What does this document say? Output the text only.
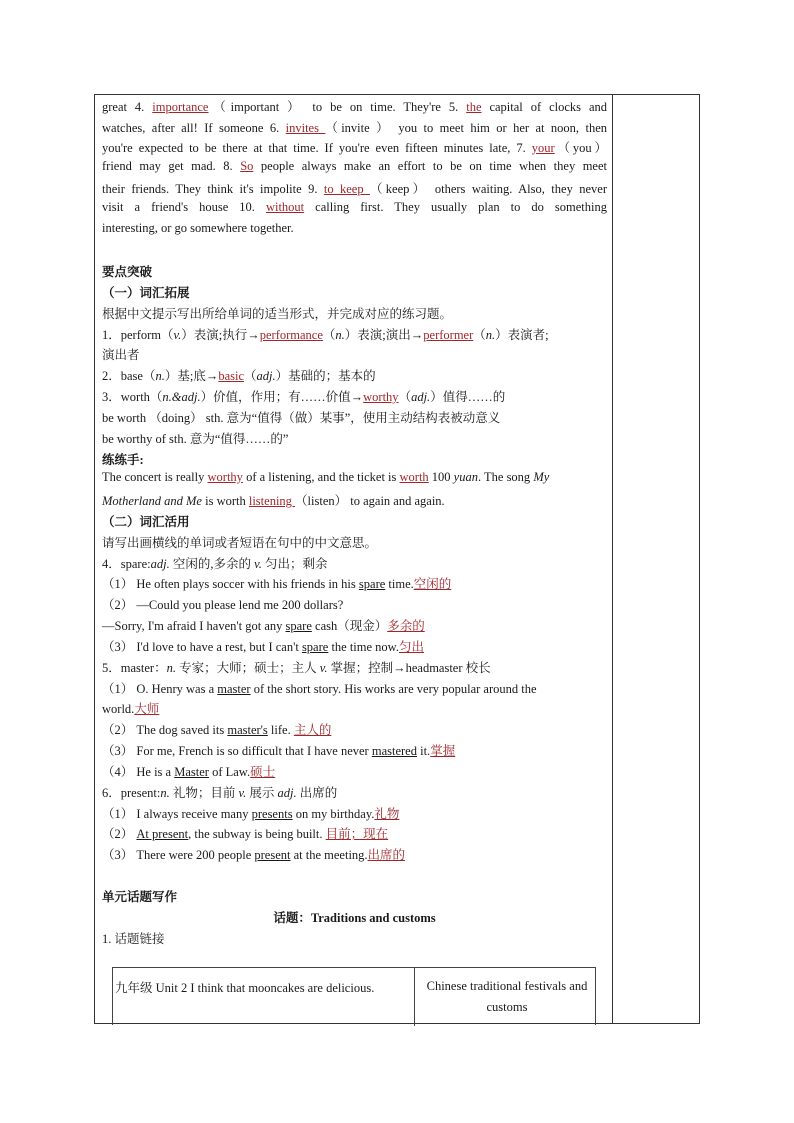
great 4. importance（important ） to be on time. They're 5. the capital of clocks and
watches, after all! If someone 6. invites （invite ） you to meet him or her at noon, then
you're expected to be there at that time. If you're even fifteen minutes late, 7. your（you）
friend may get mad. 8. So people always make an effort to be on time when they meet
their friends. They think it's impolite 9. to keep （keep） others waiting. Also, they never
visit a friend's house 10. without calling first. They usually plan to do something
interesting, or go somewhere together.
要点突破
（一）词汇拓展
根据中文提示写出所给单词的适当形式，并完成对应的练习题。
1．perform（v.）表演;执行→performance（n.）表演;演出→performer（n.）表演者;
演出者
2．base（n.）基;底→basic（adj.）基础的；基本的
3．worth（n.&adj.）价值，作用；有……价值→worthy（adj.）值得……的
be worth （doing） sth. 意为“值得（做）某事”，使用主动结构表被动意义
be worthy of sth. 意为“值得……的”
练练手:
The concert is really worthy of a listening, and the ticket is worth 100 yuan. The song My
Motherland and Me is worth listening （listen） to again and again.
（二）词汇活用
请写出画横线的单词或者短语在句中的中文意思。
4．spare:adj. 空闲的,多余的 v. 匀出；剩余
（1） He often plays soccer with his friends in his spare time.空闲的
（2） —Could you please lend me 200 dollars?
—Sorry, I'm afraid I haven't got any spare cash（现金）多余的
（3） I'd love to have a rest, but I can't spare the time now.匀出
5．master：n. 专家；大师；硕士；主人 v. 掌握；控制→headmaster 校长
（1） O. Henry was a master of the short story. His works are very popular around the
world.大师
（2） The dog saved its master's life. 主人的
（3） For me, French is so difficult that I have never mastered it.掌握
（4） He is a Master of Law.硕士
6．present:n. 礼物；目前 v. 展示 adj. 出席的
（1） I always receive many presents on my birthday.礼物
（2） At present, the subway is being built. 目前；现在
（3） There were 200 people present at the meeting.出席的
单元话题写作
话题：Traditions and customs
1. 话题链接
九年级 Unit 2 I think that mooncakes are delicious.	Chinese traditional festivals and customs
